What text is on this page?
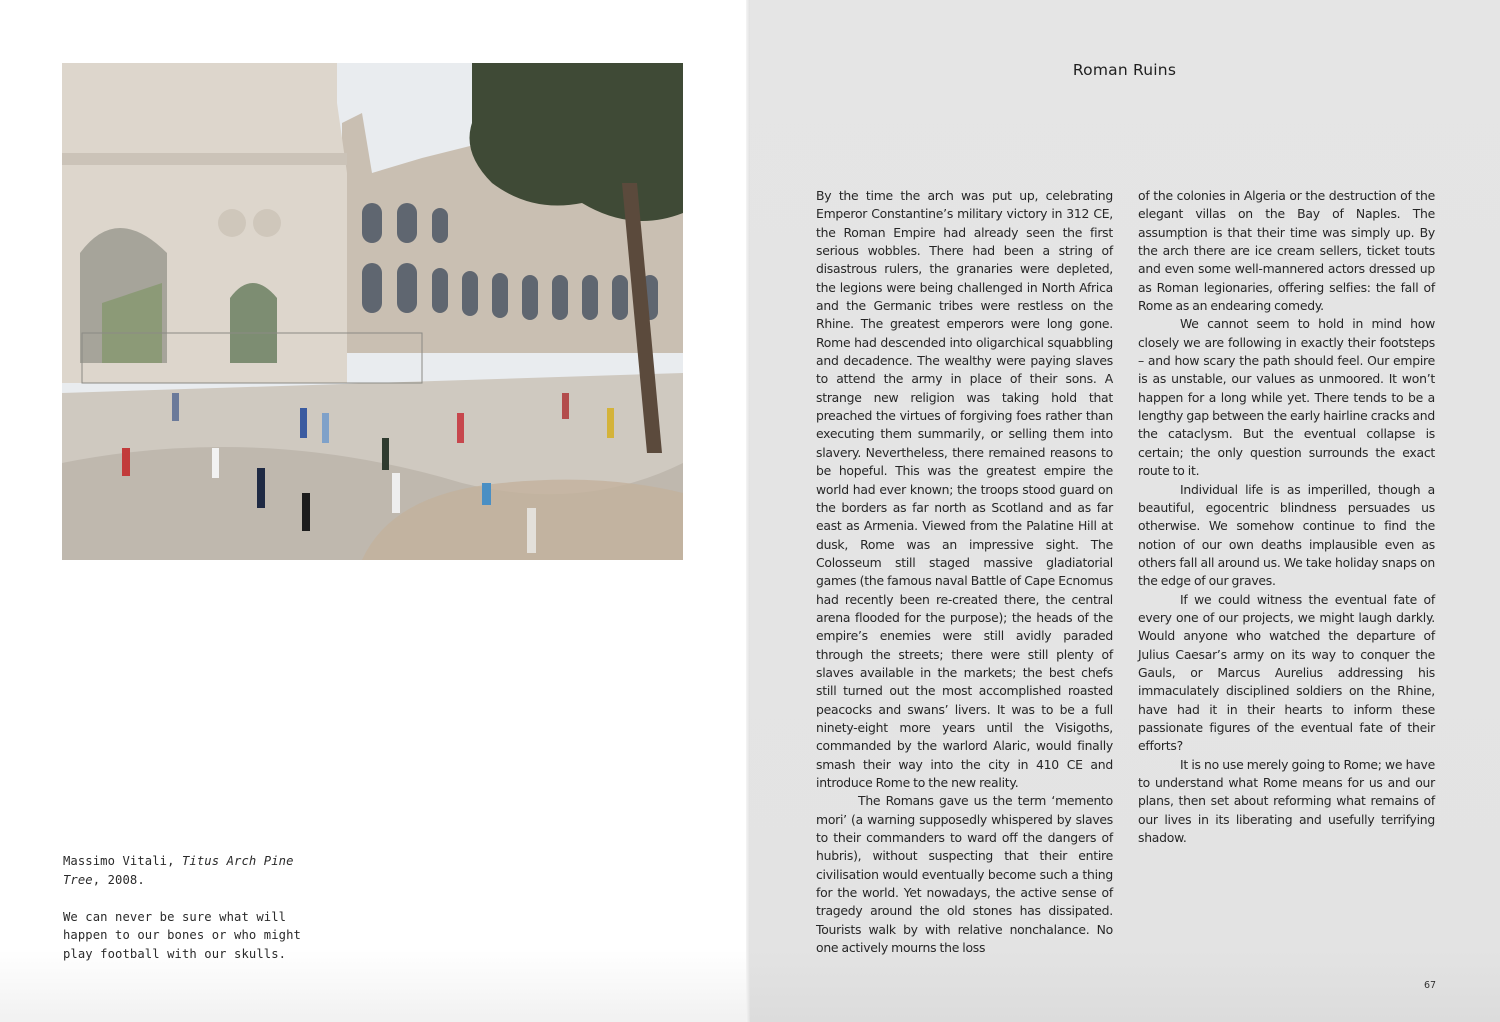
Massimo Vitali, Titus Arch Pine Tree, 2008.

We can never be sure what will happen to our bones or who might play football with our skulls.

Roman Ruins

By the time the arch was put up, celebrating Emperor Constantine’s military victory in 312 CE, the Roman Empire had already seen the first serious wobbles. There had been a string of disastrous rulers, the granaries were depleted, the legions were being challenged in North Africa and the Germanic tribes were restless on the Rhine. The greatest emperors were long gone. Rome had descended into oligarchical squabbling and decadence. The wealthy were paying slaves to attend the army in place of their sons. A strange new religion was taking hold that preached the virtues of forgiving foes rather than executing them summarily, or selling them into slavery. Nevertheless, there remained reasons to be hopeful. This was the greatest empire the world had ever known; the troops stood guard on the borders as far north as Scotland and as far east as Armenia. Viewed from the Palatine Hill at dusk, Rome was an impressive sight. The Colosseum still staged massive gladiatorial games (the famous naval Battle of Cape Ecnomus had recently been re-created there, the central arena flooded for the purpose); the heads of the empire’s enemies were still avidly paraded through the streets; there were still plenty of slaves available in the markets; the best chefs still turned out the most accomplished roasted peacocks and swans’ livers. It was to be a full ninety-eight more years until the Visigoths, commanded by the warlord Alaric, would finally smash their way into the city in 410 CE and introduce Rome to the new reality.

The Romans gave us the term ‘memento mori’ (a warning supposedly whispered by slaves to their commanders to ward off the dangers of hubris), without suspecting that their entire civilisation would eventually become such a thing for the world. Yet nowadays, the active sense of tragedy around the old stones has dissipated. Tourists walk by with relative nonchalance. No one actively mourns the loss

of the colonies in Algeria or the destruction of the elegant villas on the Bay of Naples. The assumption is that their time was simply up. By the arch there are ice cream sellers, ticket touts and even some well-mannered actors dressed up as Roman legionaries, offering selfies: the fall of Rome as an endearing comedy.

We cannot seem to hold in mind how closely we are following in exactly their footsteps – and how scary the path should feel. Our empire is as unstable, our values as unmoored. It won’t happen for a long while yet. There tends to be a lengthy gap between the early hairline cracks and the cataclysm. But the eventual collapse is certain; the only question surrounds the exact route to it.

Individual life is as imperilled, though a beautiful, egocentric blindness persuades us otherwise. We somehow continue to find the notion of our own deaths implausible even as others fall all around us. We take holiday snaps on the edge of our graves.

If we could witness the eventual fate of every one of our projects, we might laugh darkly. Would anyone who watched the departure of Julius Caesar’s army on its way to conquer the Gauls, or Marcus Aurelius addressing his immaculately disciplined soldiers on the Rhine, have had it in their hearts to inform these passionate figures of the eventual fate of their efforts?

It is no use merely going to Rome; we have to understand what Rome means for us and our plans, then set about reforming what remains of our lives in its liberating and usefully terrifying shadow.

67
